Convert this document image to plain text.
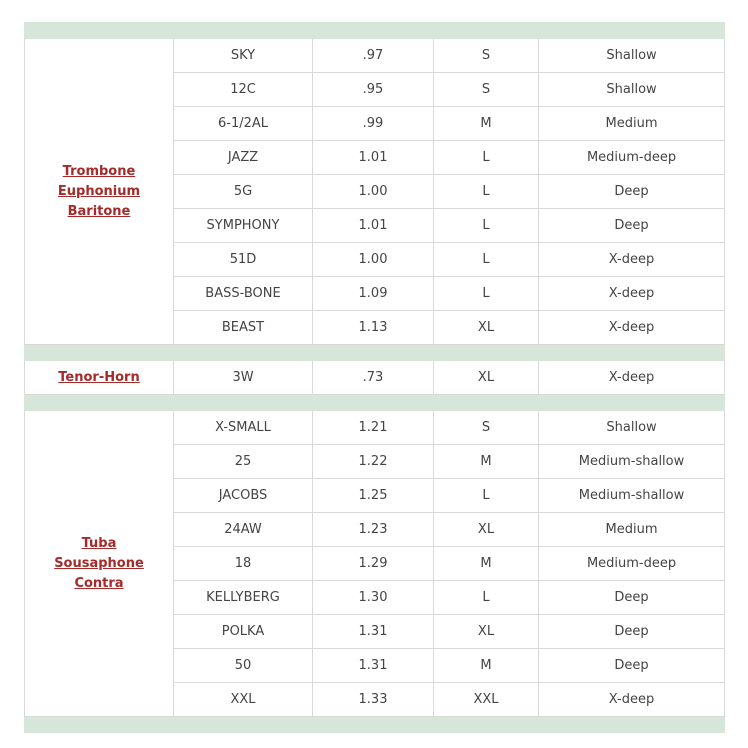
Trombone
Euphonium
Baritone	SKY	.97	S	Shallow
	12C	.95	S	Shallow
	6-1/2AL	.99	M	Medium
	JAZZ	1.01	L	Medium-deep
	5G	1.00	L	Deep
	SYMPHONY	1.01	L	Deep
	51D	1.00	L	X-deep
	BASS-BONE	1.09	L	X-deep
	BEAST	1.13	XL	X-deep

Tenor-Horn	3W	.73	XL	X-deep

Tuba
Sousaphone
Contra	X-SMALL	1.21	S	Shallow
	25	1.22	M	Medium-shallow
	JACOBS	1.25	L	Medium-shallow
	24AW	1.23	XL	Medium
	18	1.29	M	Medium-deep
	KELLYBERG	1.30	L	Deep
	POLKA	1.31	XL	Deep
	50	1.31	M	Deep
	XXL	1.33	XXL	X-deep
